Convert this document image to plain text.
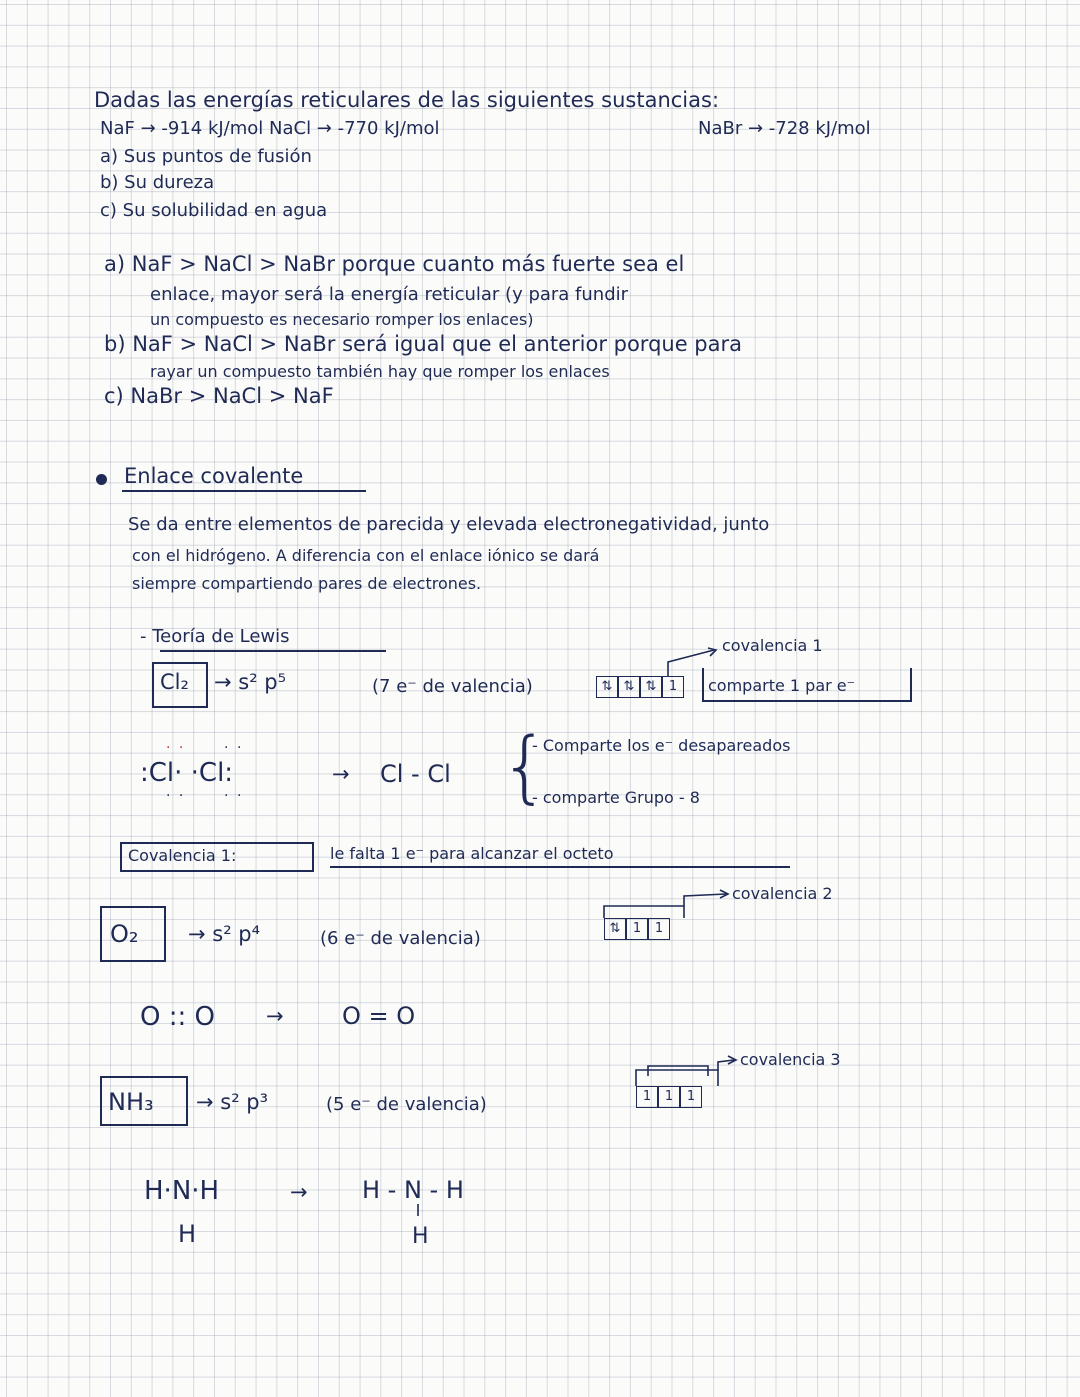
Dadas las energías reticulares de las siguientes sustancias:
NaF → -914 kJ/mol NaCl → -770 kJ/mol	NaBr → -728 kJ/mol
a) Sus puntos de fusión
b) Su dureza
c) Su solubilidad en agua
a) NaF > NaCl > NaBr porque cuanto más fuerte sea el
enlace, mayor será la energía reticular (y para fundir
un compuesto es necesario romper los enlaces)
b) NaF > NaCl > NaBr será igual que el anterior porque para
rayar un compuesto también hay que romper los enlaces
c) NaBr > NaCl > NaF
Enlace covalente
Se da entre elementos de parecida y elevada electronegatividad, junto
con el hidrógeno. A diferencia con el enlace iónico se dará
siempre compartiendo pares de electrones.
- Teoría de Lewis
Cl₂ → s² p⁵	(7 e⁻ de valencia)	⇅ ⇅ ⇅ 1
covalencia 1
comparte 1 par e⁻
:Cl· ·Cl:
· ·      · ·
· ·      · ·
→ Cl - Cl {
- Comparte los e⁻ desapareados
- comparte Grupo - 8
Covalencia 1:	le falta 1 e⁻ para alcanzar el octeto
O₂ → s² p⁴	(6 e⁻ de valencia)	⇅ 1	1
covalencia 2
O :: O → O = O
NH₃ → s² p³	(5 e⁻ de valencia)	1	1	1
covalencia 3
H·N·H
H
→ H - N - H
H
